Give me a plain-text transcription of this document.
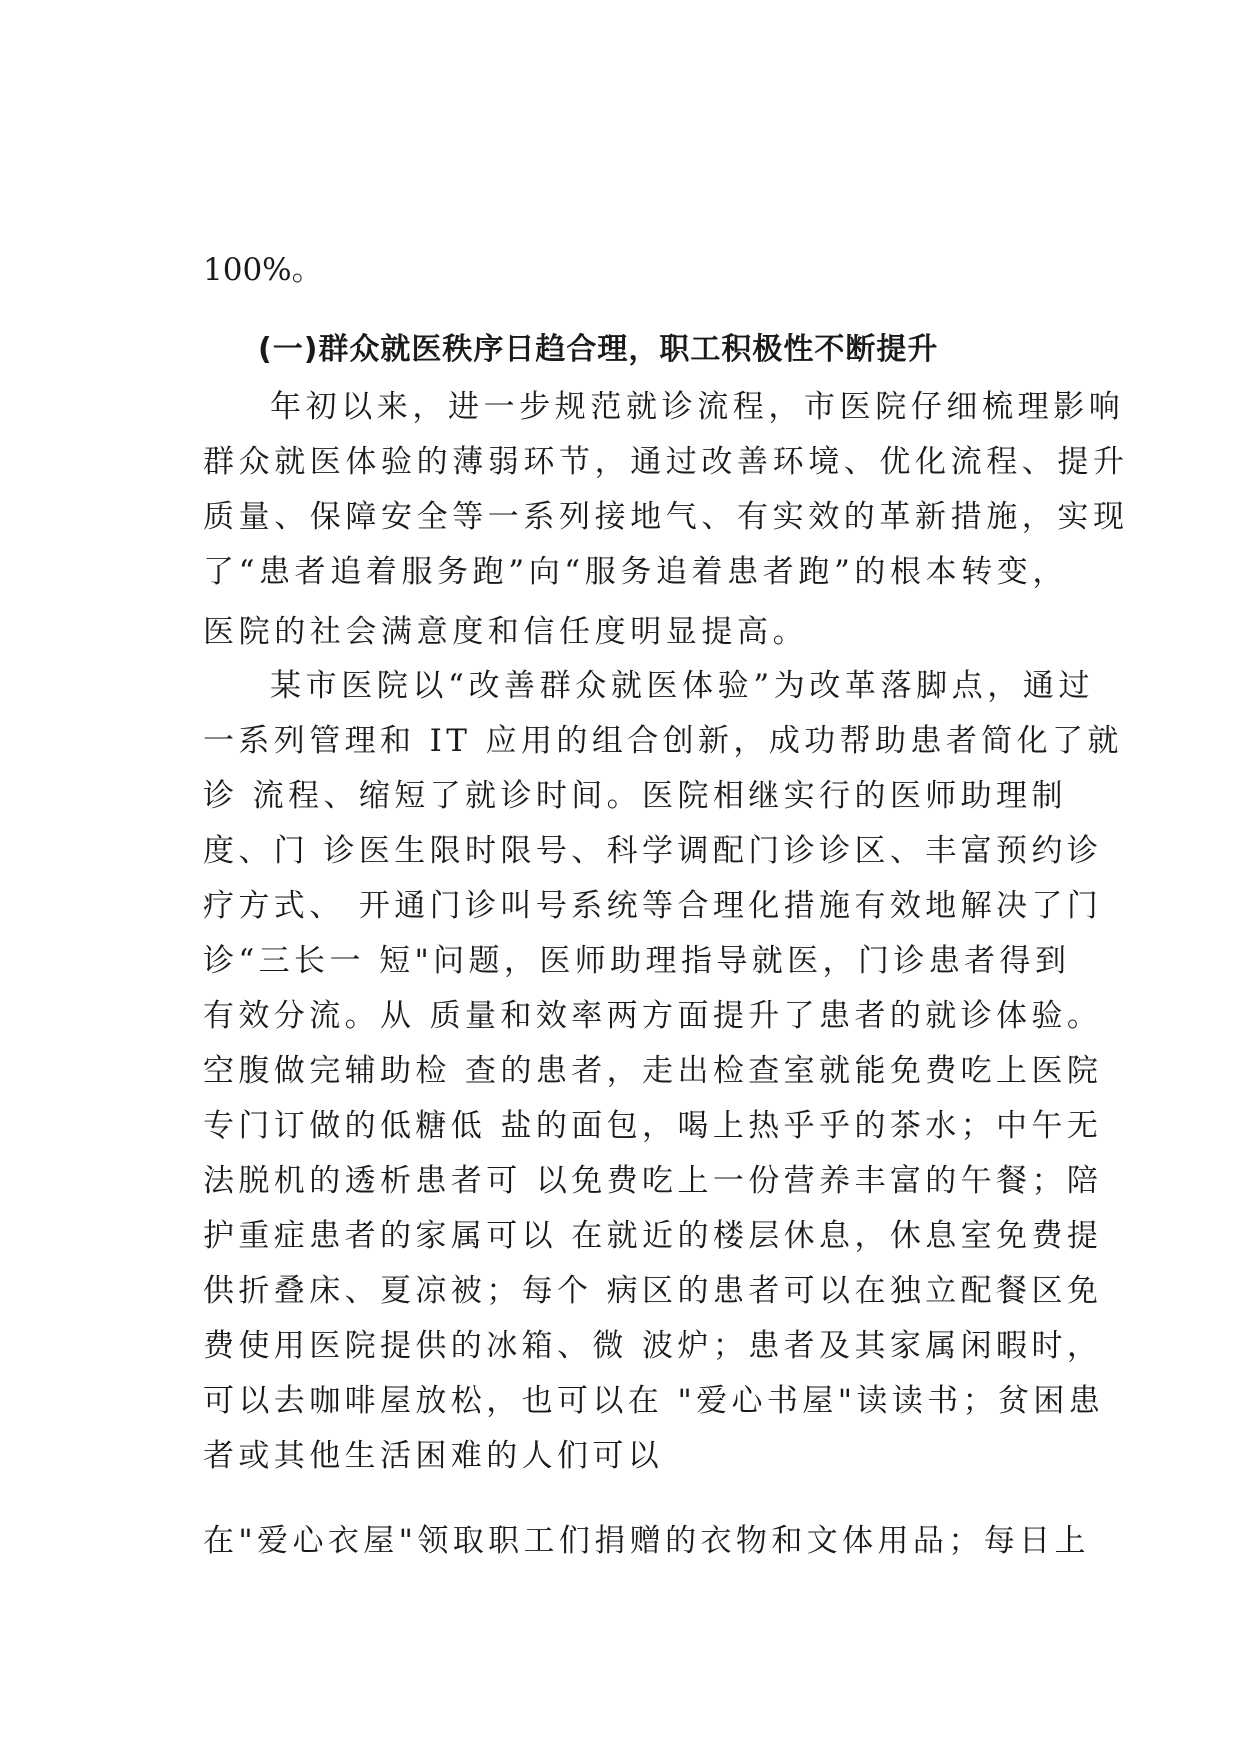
100%。
(一)群众就医秩序日趋合理，职工积极性不断提升
年初以来，进一步规范就诊流程，市医院仔细梳理影响
群众就医体验的薄弱环节，通过改善环境、优化流程、提升
质量、保障安全等一系列接地气、有实效的革新措施，实现
了“患者追着服务跑”向“服务追着患者跑”的根本转变，
医院的社会满意度和信任度明显提高。
某市医院以“改善群众就医体验”为改革落脚点，通过
一系列管理和 IT 应用的组合创新，成功帮助患者简化了就
诊 流程、缩短了就诊时间。医院相继实行的医师助理制
度、门 诊医生限时限号、科学调配门诊诊区、丰富预约诊
疗方式、 开通门诊叫号系统等合理化措施有效地解决了门
诊“三长一 短"问题，医师助理指导就医，门诊患者得到
有效分流。从 质量和效率两方面提升了患者的就诊体验。
空腹做完辅助检 查的患者，走出检查室就能免费吃上医院
专门订做的低糖低 盐的面包，喝上热乎乎的茶水；中午无
法脱机的透析患者可 以免费吃上一份营养丰富的午餐；陪
护重症患者的家属可以 在就近的楼层休息，休息室免费提
供折叠床、夏凉被；每个 病区的患者可以在独立配餐区免
费使用医院提供的冰箱、微 波炉；患者及其家属闲暇时，
可以去咖啡屋放松，也可以在 "爱心书屋"读读书；贫困患
者或其他生活困难的人们可以
在"爱心衣屋"领取职工们捐赠的衣物和文体用品；每日上
